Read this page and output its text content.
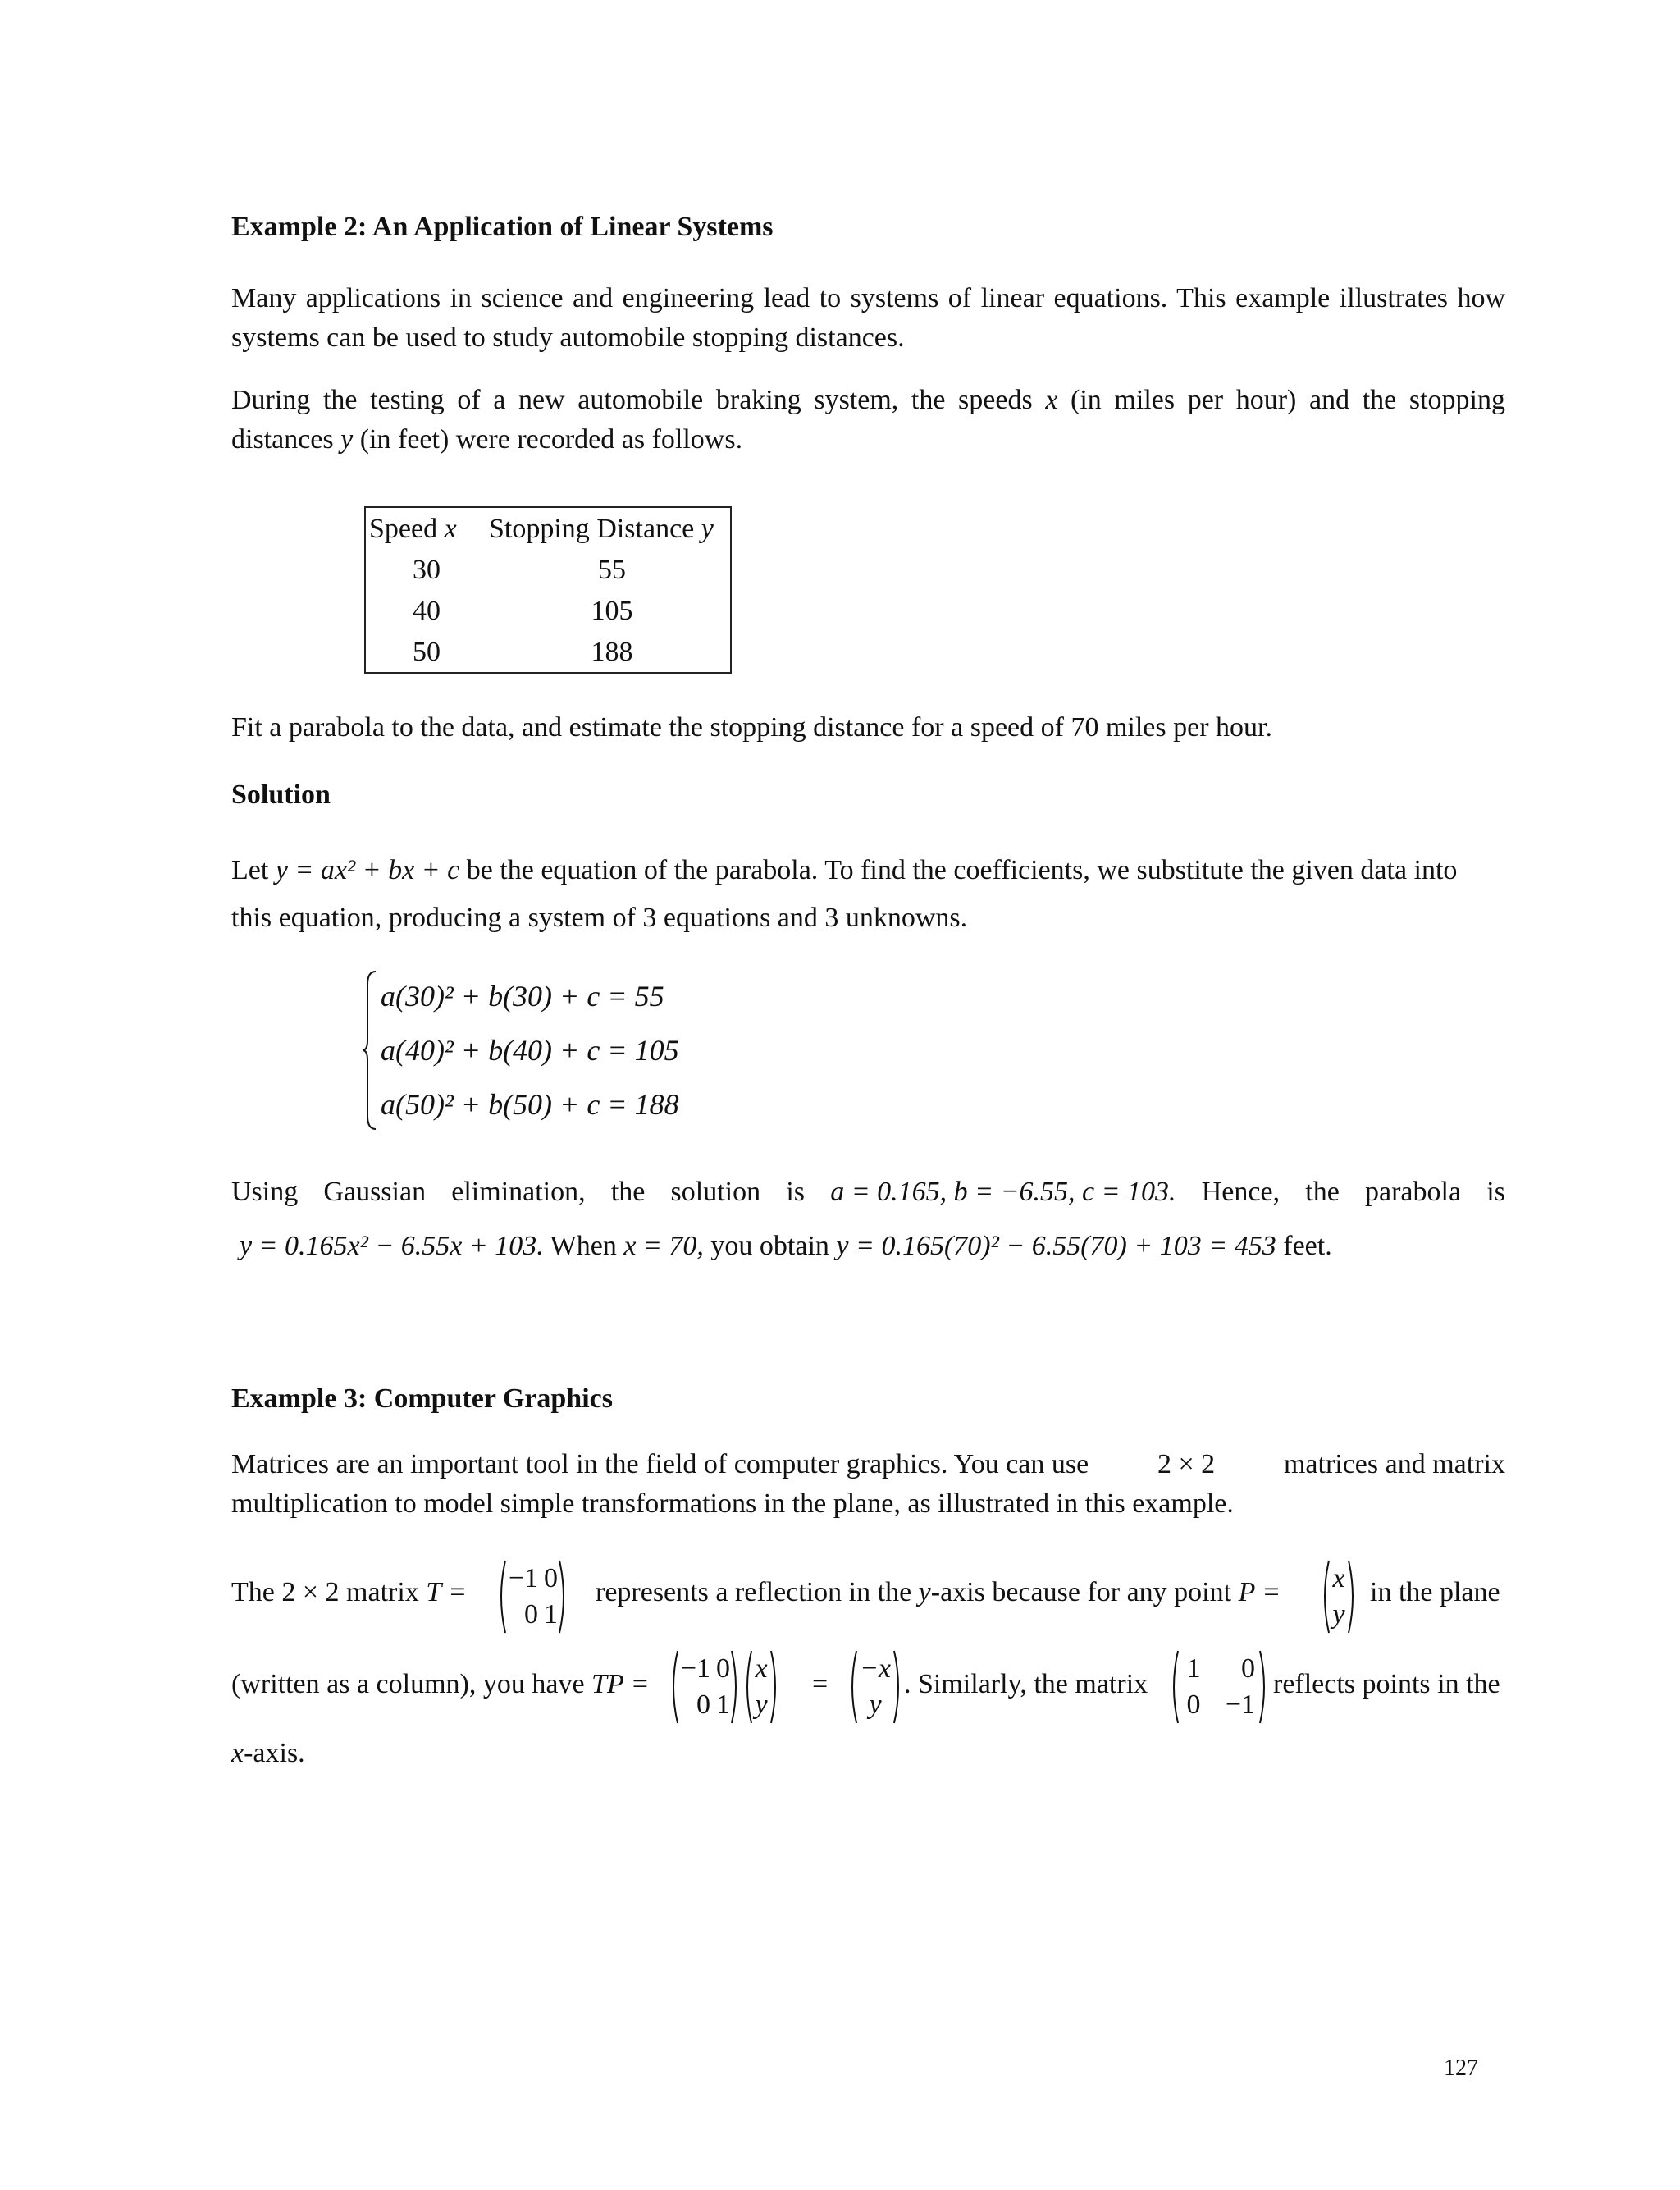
Example 2: An Application of Linear Systems
Many applications in science and engineering lead to systems of linear equations. This example illustrates how systems can be used to study automobile stopping distances.
During the testing of a new automobile braking system, the speeds x (in miles per hour) and the stopping distances y (in feet) were recorded as follows.
Speed x Stopping Distance y
30	55
40	105
50	188
Fit a parabola to the data, and estimate the stopping distance for a speed of 70 miles per hour.
Solution
Let y = ax² + bx + c be the equation of the parabola. To find the coefficients, we substitute the given data into
this equation, producing a system of 3 equations and 3 unknowns.
a(30)² + b(30) + c = 55
a(40)² + b(40) + c = 105
a(50)² + b(50) + c = 188
Using Gaussian elimination, the solution is a = 0.165, b = −6.55, c = 103. Hence, the parabola is
y = 0.165x² − 6.55x + 103. When x = 70, you obtain y = 0.165(70)² − 6.55(70) + 103 = 453 feet.
Example 3: Computer Graphics
Matrices are an important tool in the field of computer graphics. You can use 2 × 2 matrices and matrix
multiplication to model simple transformations in the plane, as illustrated in this example.
The 2 × 2 matrix T = −1 0
0 1
represents a reflection in the y-axis because for any point P = x
y
in the plane
(written as a column), you have TP =
−1 0
0 1
x
y
=
−x
y
. Similarly, the matrix
1	0
0 −1
reflects points in the
x-axis.
127
